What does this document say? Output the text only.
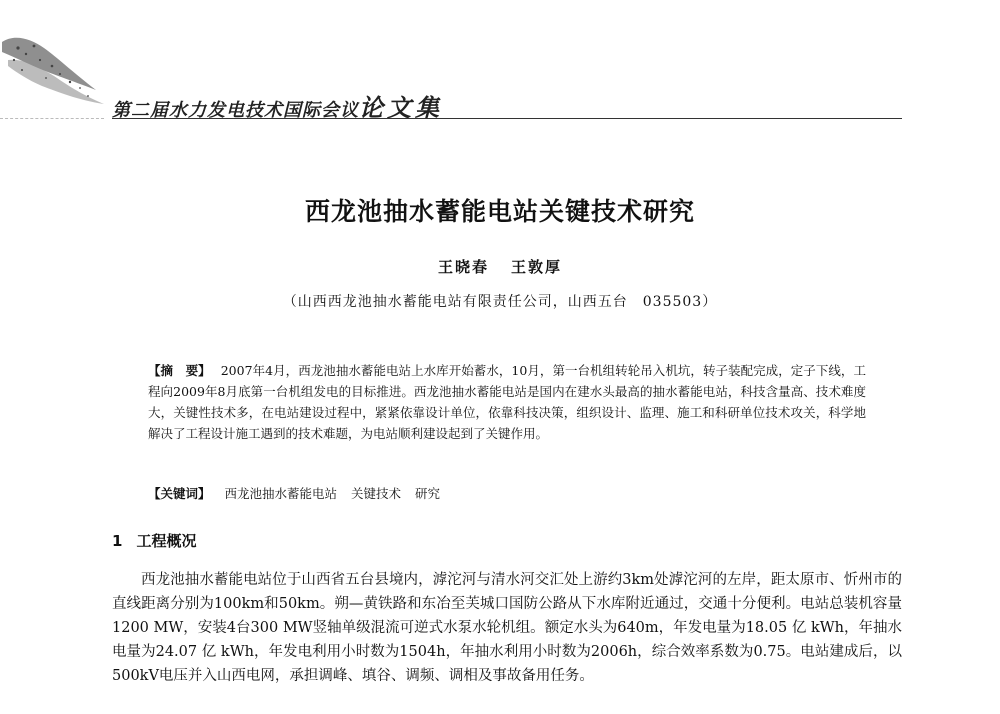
第二届水力发电技术国际会议论文集
西龙池抽水蓄能电站关键技术研究
王晓春 王敦厚
（山西西龙池抽水蓄能电站有限责任公司，山西五台　035503）
【摘　要】 2007年4月，西龙池抽水蓄能电站上水库开始蓄水，10月，第一台机组转轮吊入机坑，转子装配完成，定子下线，工程向2009年8月底第一台机组发电的目标推进。西龙池抽水蓄能电站是国内在建水头最高的抽水蓄能电站，科技含量高、技术难度大，关键性技术多，在电站建设过程中，紧紧依靠设计单位，依靠科技决策，组织设计、监理、施工和科研单位技术攻关，科学地解决了工程设计施工遇到的技术难题，为电站顺利建设起到了关键作用。
【关键词】 西龙池抽水蓄能电站 关键技术 研究
1 工程概况
西龙池抽水蓄能电站位于山西省五台县境内，滹沱河与清水河交汇处上游约3km处滹沱河的左岸，距太原市、忻州市的直线距离分别为100km和50km。朔—黄铁路和东冶至芙城口国防公路从下水库附近通过，交通十分便利。电站总装机容量1200 MW，安装4台300 MW竖轴单级混流可逆式水泵水轮机组。额定水头为640m，年发电量为18.05 亿 kWh，年抽水电量为24.07 亿 kWh，年发电利用小时数为1504h，年抽水利用小时数为2006h，综合效率系数为0.75。电站建成后，以500kV电压并入山西电网，承担调峰、填谷、调频、调相及事故备用任务。
